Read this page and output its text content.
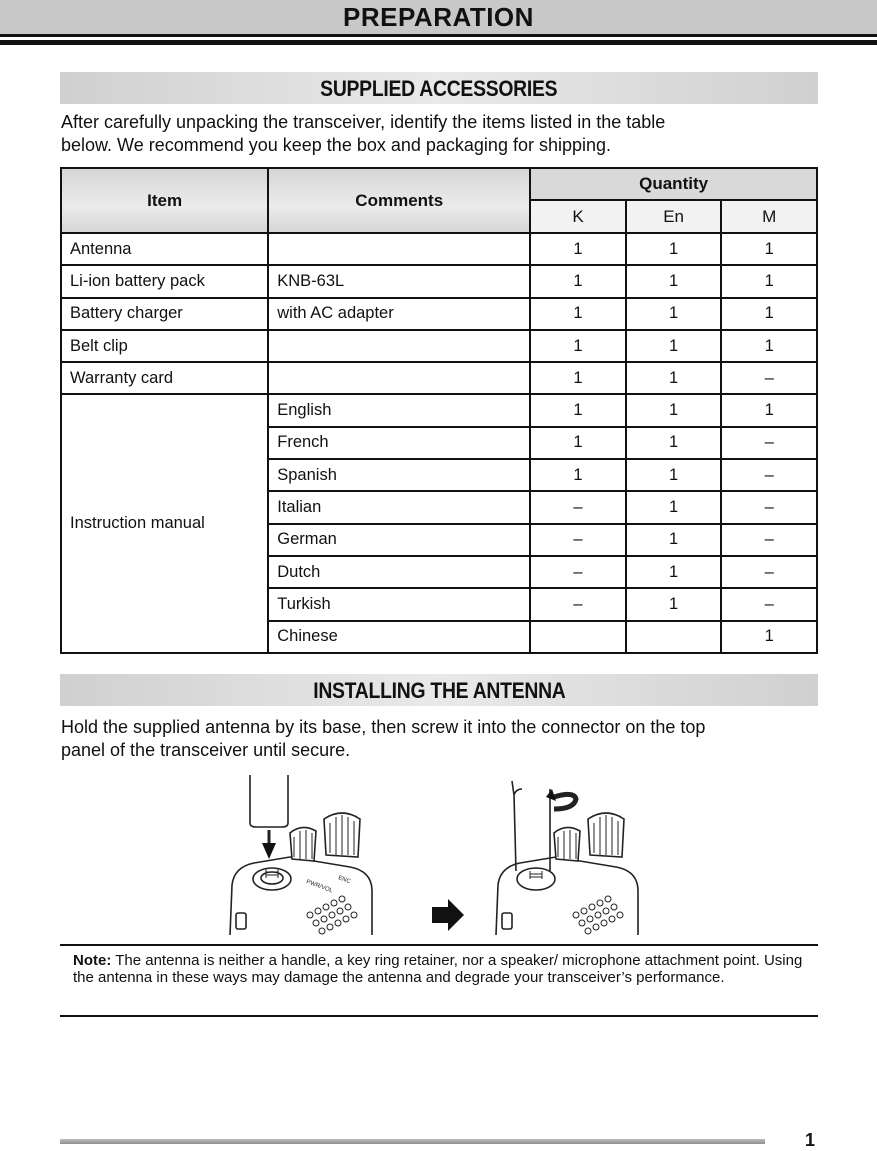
PREPARATION
SUPPLIED ACCESSORIES
After carefully unpacking the transceiver, identify the items listed in the table
below. We recommend you keep the box and packaging for shipping.
Item	Comments	Quantity		
		K	En	M
Antenna		1	1	1
Li-ion battery pack	KNB-63L	1	1	1
Battery charger	with AC adapter	1	1	1
Belt clip		1	1	1
Warranty card		1	1	–
Instruction manual	English	1	1	1
	French	1	1	–
	Spanish	1	1	–
	Italian	–	1	–
	German	–	1	–
	Dutch	–	1	–
	Turkish	–	1	–
	Chinese			1
INSTALLING THE ANTENNA
Hold the supplied antenna by its base, then screw it into the connector on the top
panel of the transceiver until secure.
PWR/VOL ENC
Note: The antenna is neither a handle, a key ring retainer, nor a speaker/ microphone attachment point. Using the antenna in these ways may damage the antenna and degrade your transceiver’s performance.
1
